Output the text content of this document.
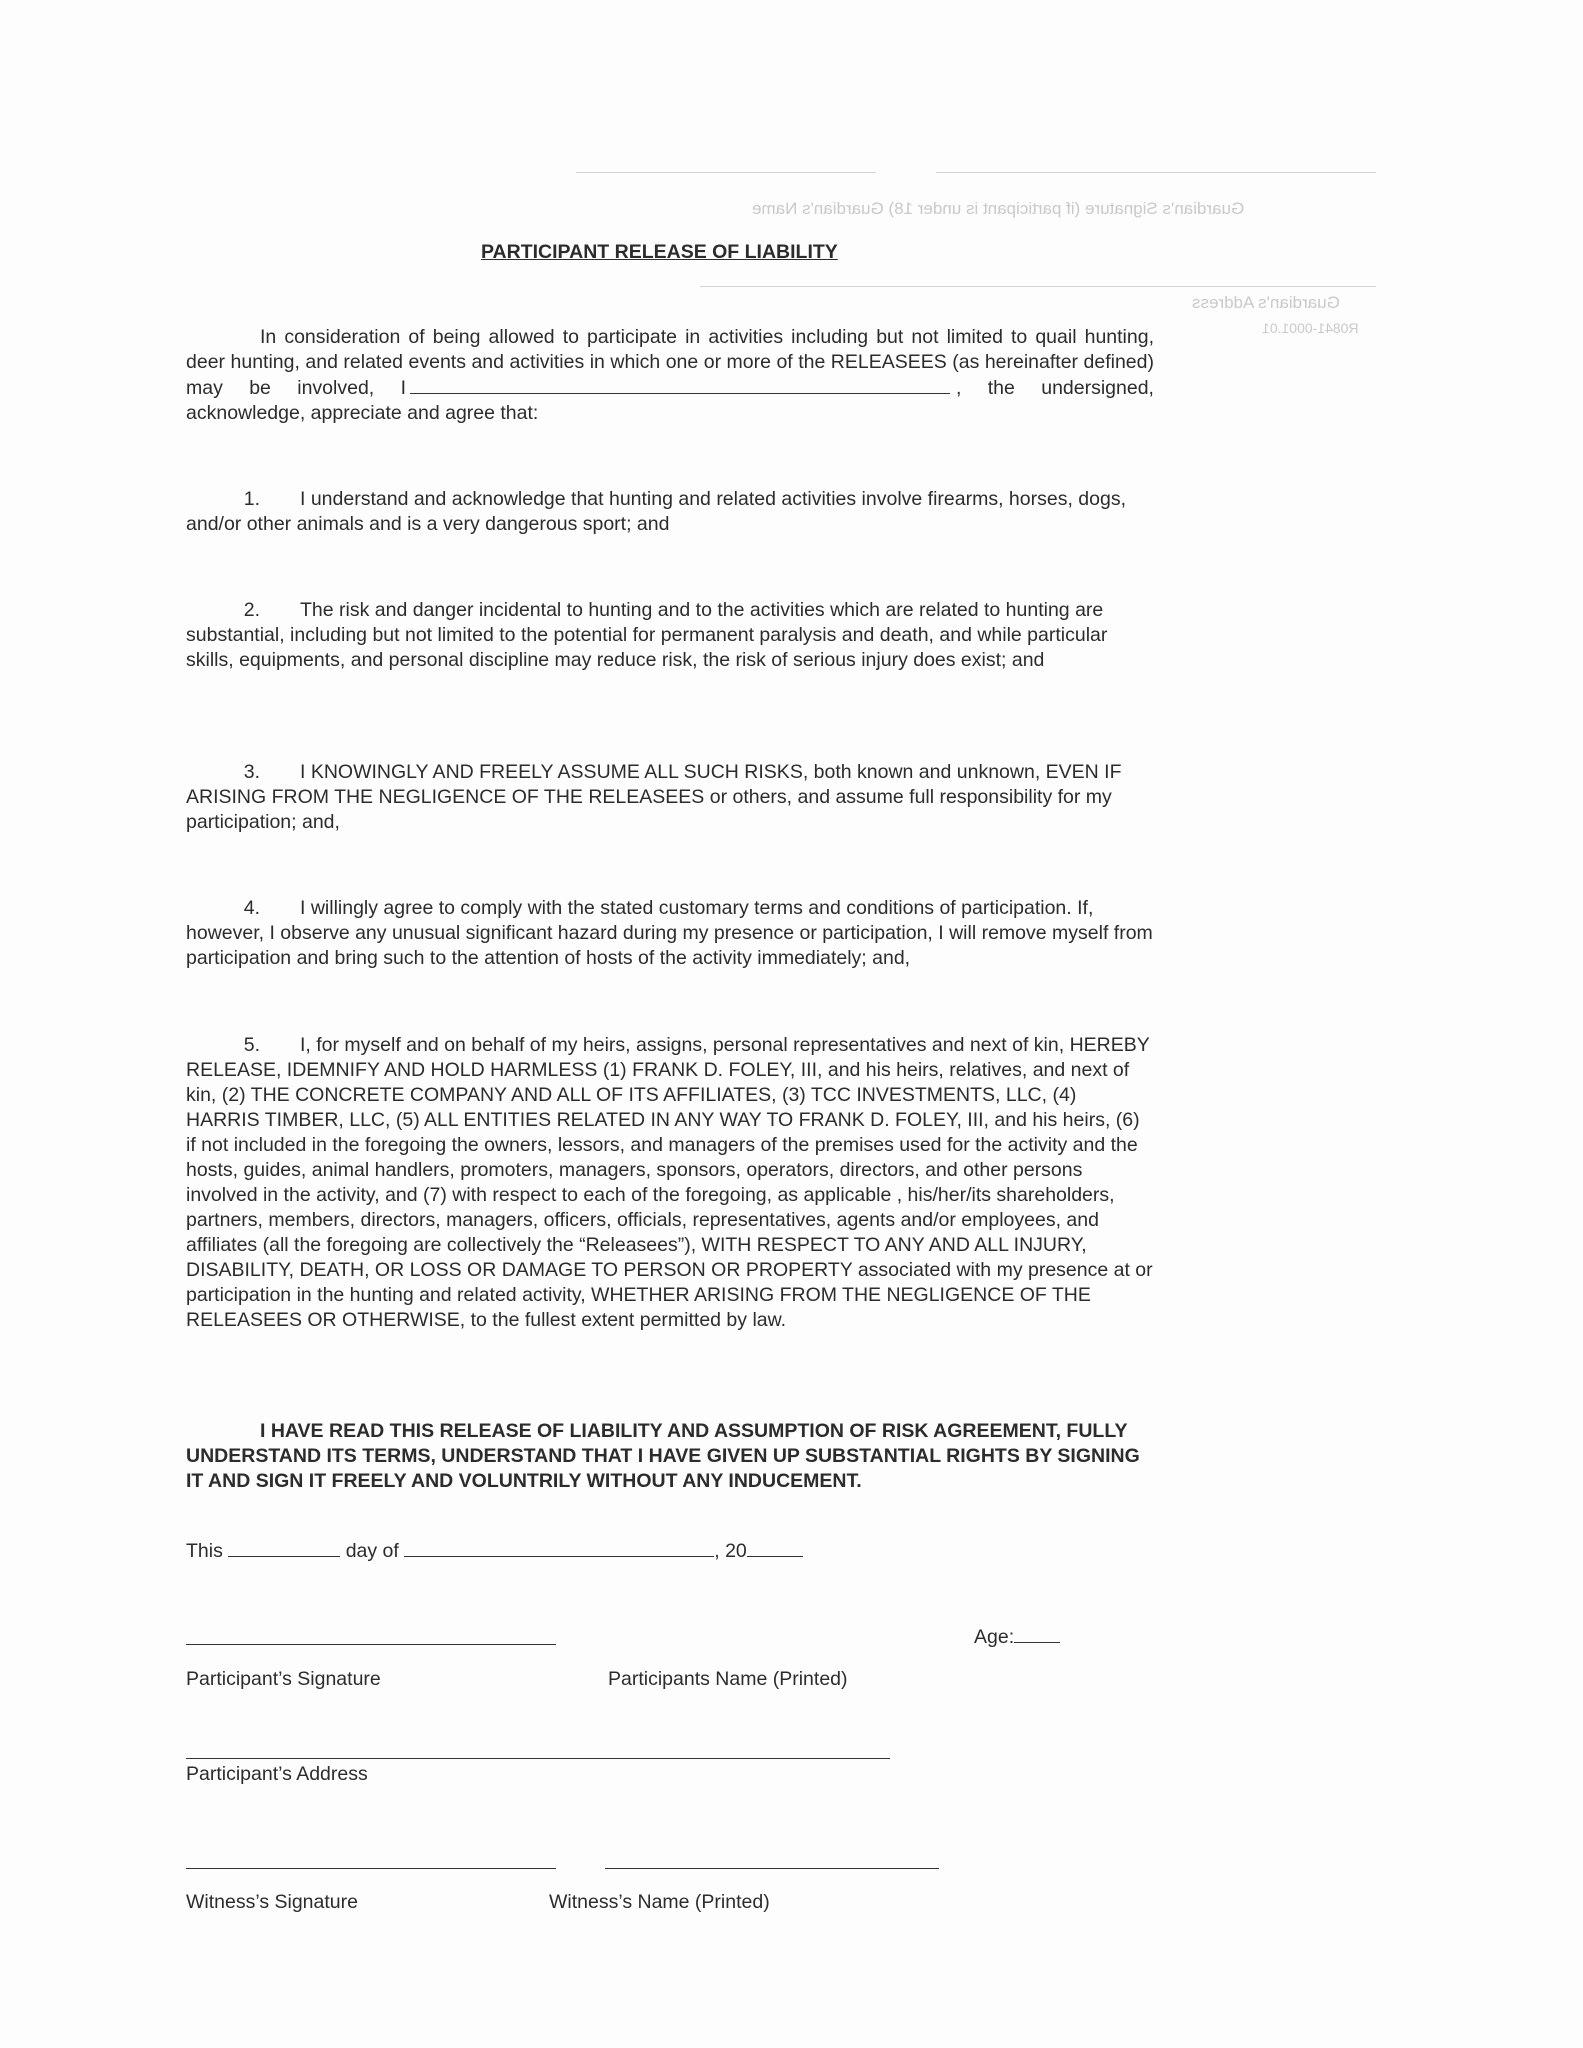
Guardian's Signature (if participant is under 18) Guardian's Name
Guardian's Address
R0841-0001.01
PARTICIPANT RELEASE OF LIABILITY

In consideration of being allowed to participate in activities including but not limited to quail hunting, deer hunting, and related events and activities in which one or more of the RELEASEES (as hereinafter defined) may be involved, I	, the undersigned, acknowledge, appreciate and agree that:

1. I understand and acknowledge that hunting and related activities involve firearms, horses, dogs, and/or other animals and is a very dangerous sport; and

2. The risk and danger incidental to hunting and to the activities which are related to hunting are substantial, including but not limited to the potential for permanent paralysis and death, and while particular skills, equipments, and personal discipline may reduce risk, the risk of serious injury does exist; and

3. I KNOWINGLY AND FREELY ASSUME ALL SUCH RISKS, both known and unknown, EVEN IF ARISING FROM THE NEGLIGENCE OF THE RELEASEES or others, and assume full responsibility for my participation; and,

4. I willingly agree to comply with the stated customary terms and conditions of participation. If, however, I observe any unusual significant hazard during my presence or participation, I will remove myself from participation and bring such to the attention of hosts of the activity immediately; and,

5. I, for myself and on behalf of my heirs, assigns, personal representatives and next of kin, HEREBY RELEASE, IDEMNIFY AND HOLD HARMLESS (1) FRANK D. FOLEY, III, and his heirs, relatives, and next of kin, (2) THE CONCRETE COMPANY AND ALL OF ITS AFFILIATES, (3) TCC INVESTMENTS, LLC, (4) HARRIS TIMBER, LLC, (5) ALL ENTITIES RELATED IN ANY WAY TO FRANK D. FOLEY, III, and his heirs, (6) if not included in the foregoing the owners, lessors, and managers of the premises used for the activity and the hosts, guides, animal handlers, promoters, managers, sponsors, operators, directors, and other persons involved in the activity, and (7) with respect to each of the foregoing, as applicable , his/her/its shareholders, partners, members, directors, managers, officers, officials, representatives, agents and/or employees, and affiliates (all the foregoing are collectively the “Releasees”), WITH RESPECT TO ANY AND ALL INJURY, DISABILITY, DEATH, OR LOSS OR DAMAGE TO PERSON OR PROPERTY associated with my presence at or participation in the hunting and related activity, WHETHER ARISING FROM THE NEGLIGENCE OF THE RELEASEES OR OTHERWISE, to the fullest extent permitted by law.

I HAVE READ THIS RELEASE OF LIABILITY AND ASSUMPTION OF RISK AGREEMENT, FULLY UNDERSTAND ITS TERMS, UNDERSTAND THAT I HAVE GIVEN UP SUBSTANTIAL RIGHTS BY SIGNING IT AND SIGN IT FREELY AND VOLUNTRILY WITHOUT ANY INDUCEMENT.

This	day of	, 20
Age:
Participant’s Signature	Participants Name (Printed)
Participant’s Address
Witness’s Signature	Witness’s Name (Printed)
